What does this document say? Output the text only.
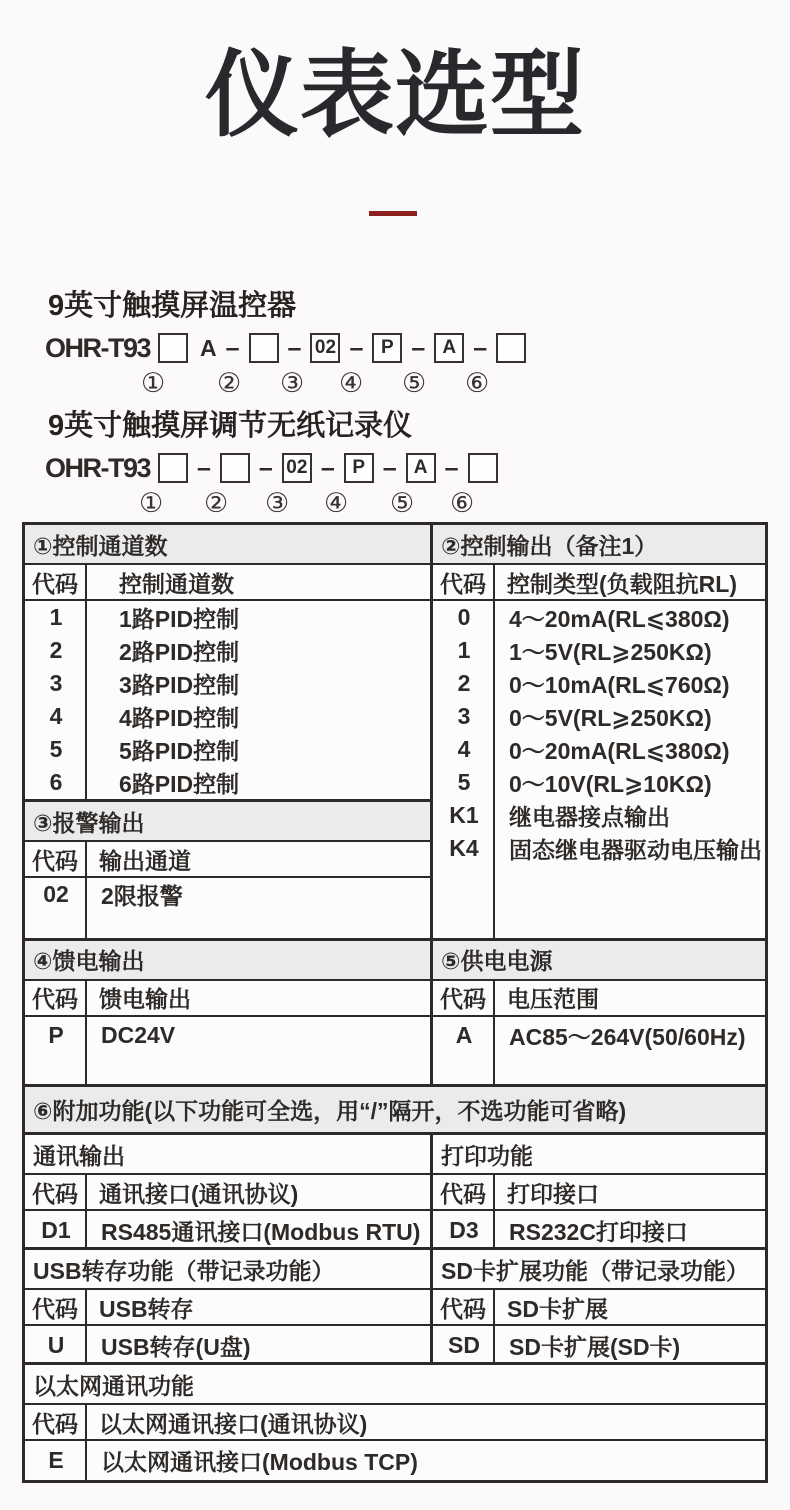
仪表选型
9英寸触摸屏温控器
OHR-T93 A – – 02 – P – A –
① ② ③ ④ ⑤ ⑥
9英寸触摸屏调节无纸记录仪
OHR-T93 – – 02 – P – A –
① ② ③ ④ ⑤ ⑥
①控制通道数
代码	控制通道数
1	1路PID控制
2	2路PID控制
3	3路PID控制
4	4路PID控制
5	5路PID控制
6	6路PID控制
③报警输出
代码 输出通道
02	2限报警
②控制输出（备注1）
代码 控制类型(负载阻抗RL)
0	4～20mA(RL⩽380Ω)
1	1～5V(RL⩾250KΩ)
2	0～10mA(RL⩽760Ω)
3	0～5V(RL⩾250KΩ)
4	0～20mA(RL⩽380Ω)
5	0～10V(RL⩾10KΩ)
K1	继电器接点输出
K4	固态继电器驱动电压输出
④馈电输出
代码 馈电输出
P	DC24V
⑤供电电源
代码 电压范围
A	AC85～264V(50/60Hz)
⑥附加功能(以下功能可全选，用“/”隔开，不选功能可省略)
通讯输出
代码 通讯接口(通讯协议)
D1	RS485通讯接口(Modbus RTU)
打印功能
代码 打印接口
D3	RS232C打印接口
USB转存功能（带记录功能）
代码 USB转存
U	USB转存(U盘)
SD卡扩展功能（带记录功能）
代码 SD卡扩展
SD	SD卡扩展(SD卡)
以太网通讯功能
代码 以太网通讯接口(通讯协议)
E	以太网通讯接口(Modbus TCP)
